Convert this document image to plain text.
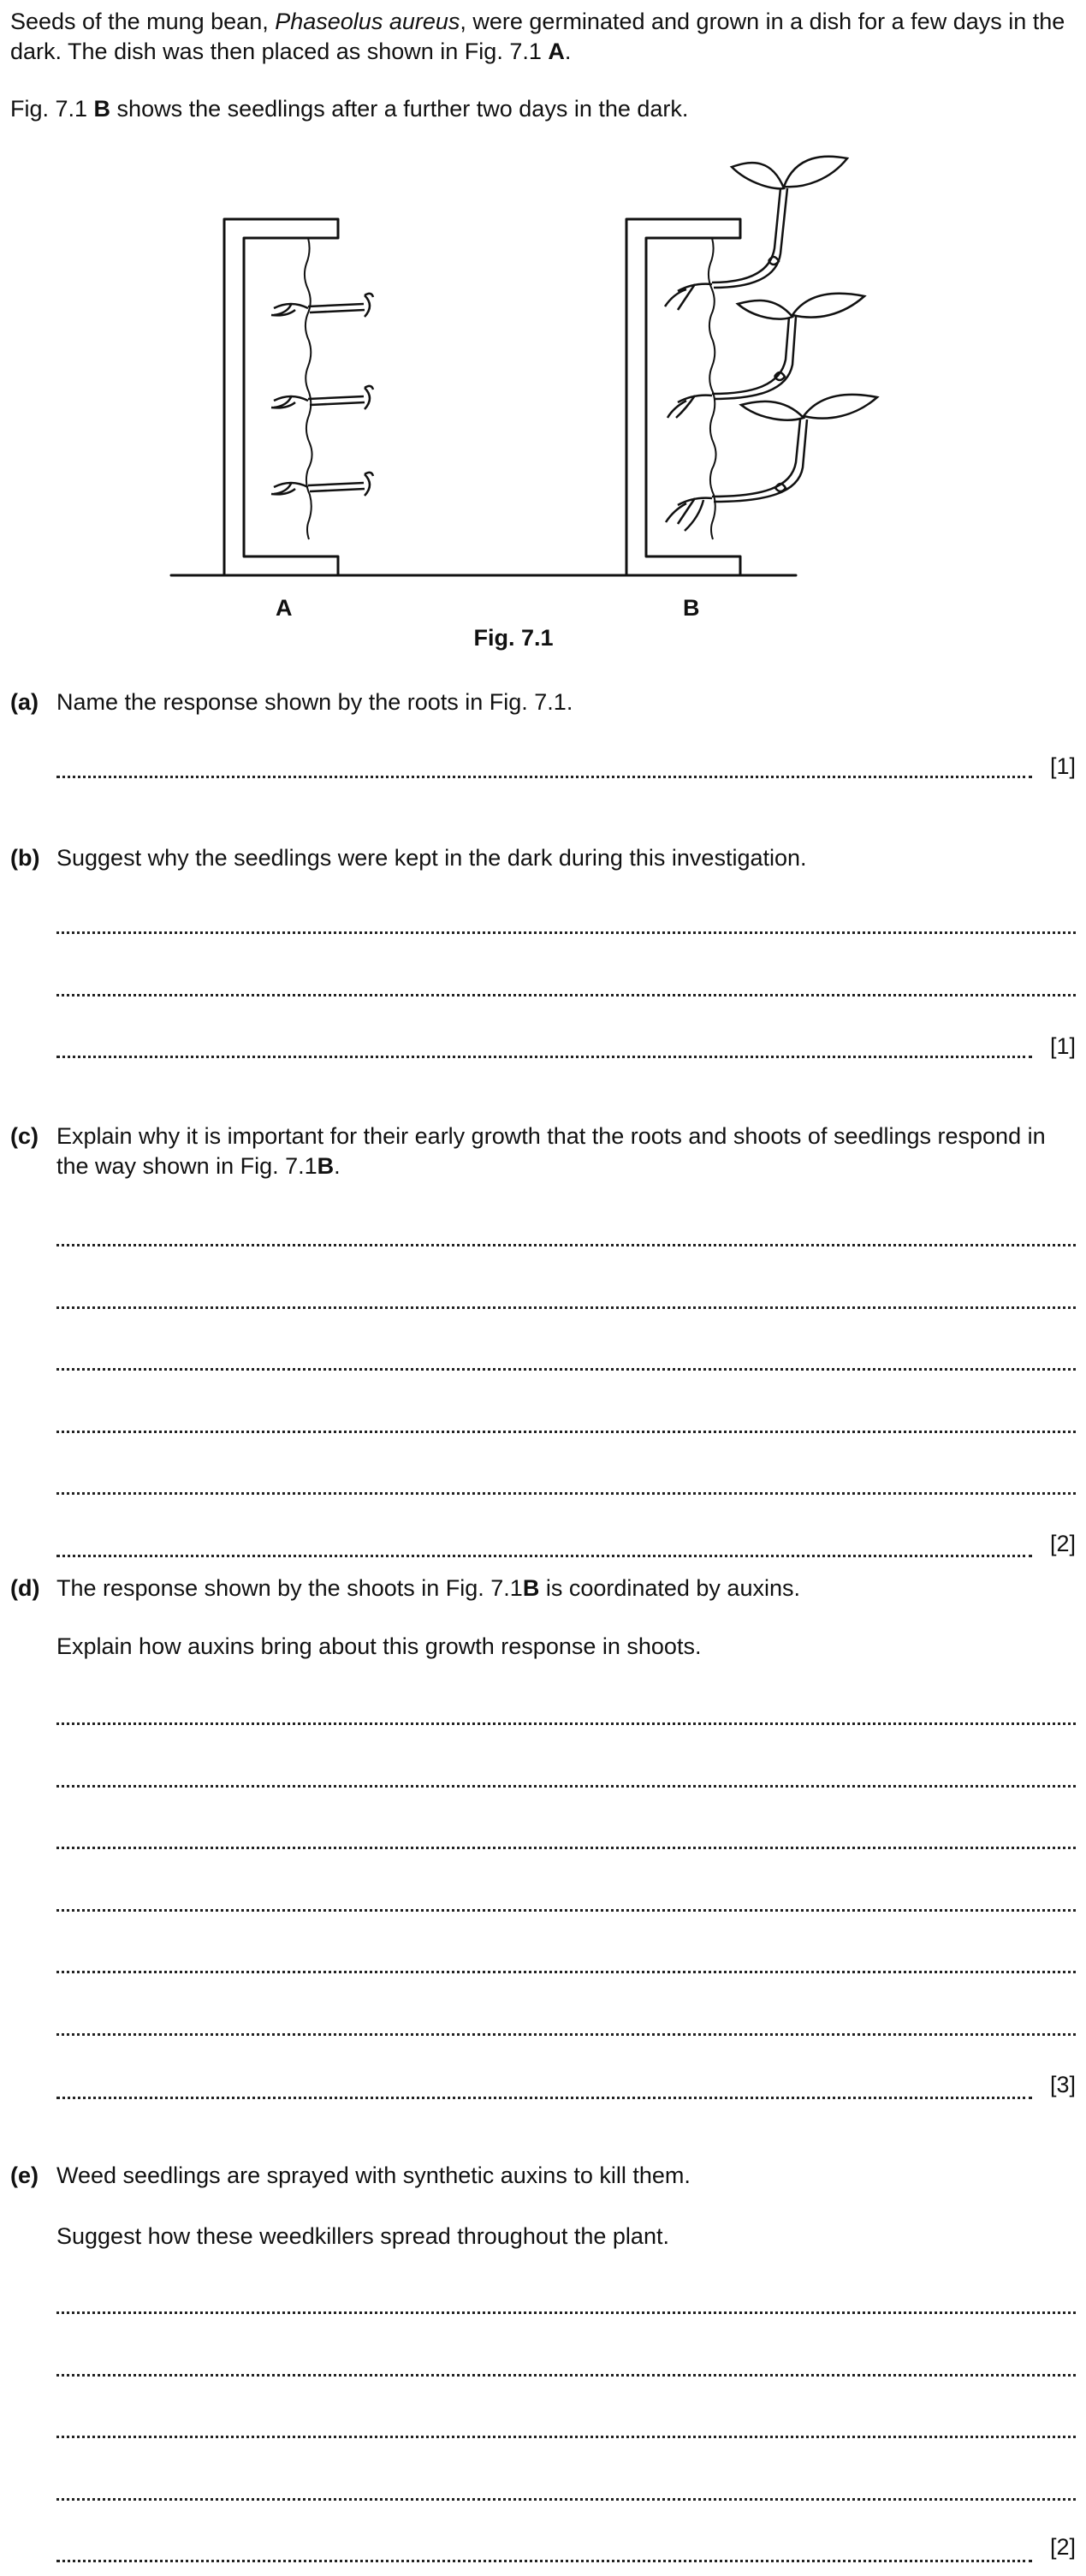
Seeds of the mung bean, Phaseolus aureus, were germinated and grown in a dish for a few days in the dark. The dish was then placed as shown in Fig. 7.1 A.
Fig. 7.1 B shows the seedlings after a further two days in the dark.
A	B
Fig. 7.1
(a) Name the response shown by the roots in Fig. 7.1.
[1]
(b) Suggest why the seedlings were kept in the dark during this investigation.
[1]
(c) Explain why it is important for their early growth that the roots and shoots of seedlings respond in the way shown in Fig. 7.1B.
[2]
(d) The response shown by the shoots in Fig. 7.1B is coordinated by auxins.
Explain how auxins bring about this growth response in shoots.
[3]
(e) Weed seedlings are sprayed with synthetic auxins to kill them.
Suggest how these weedkillers spread throughout the plant.
[2]
